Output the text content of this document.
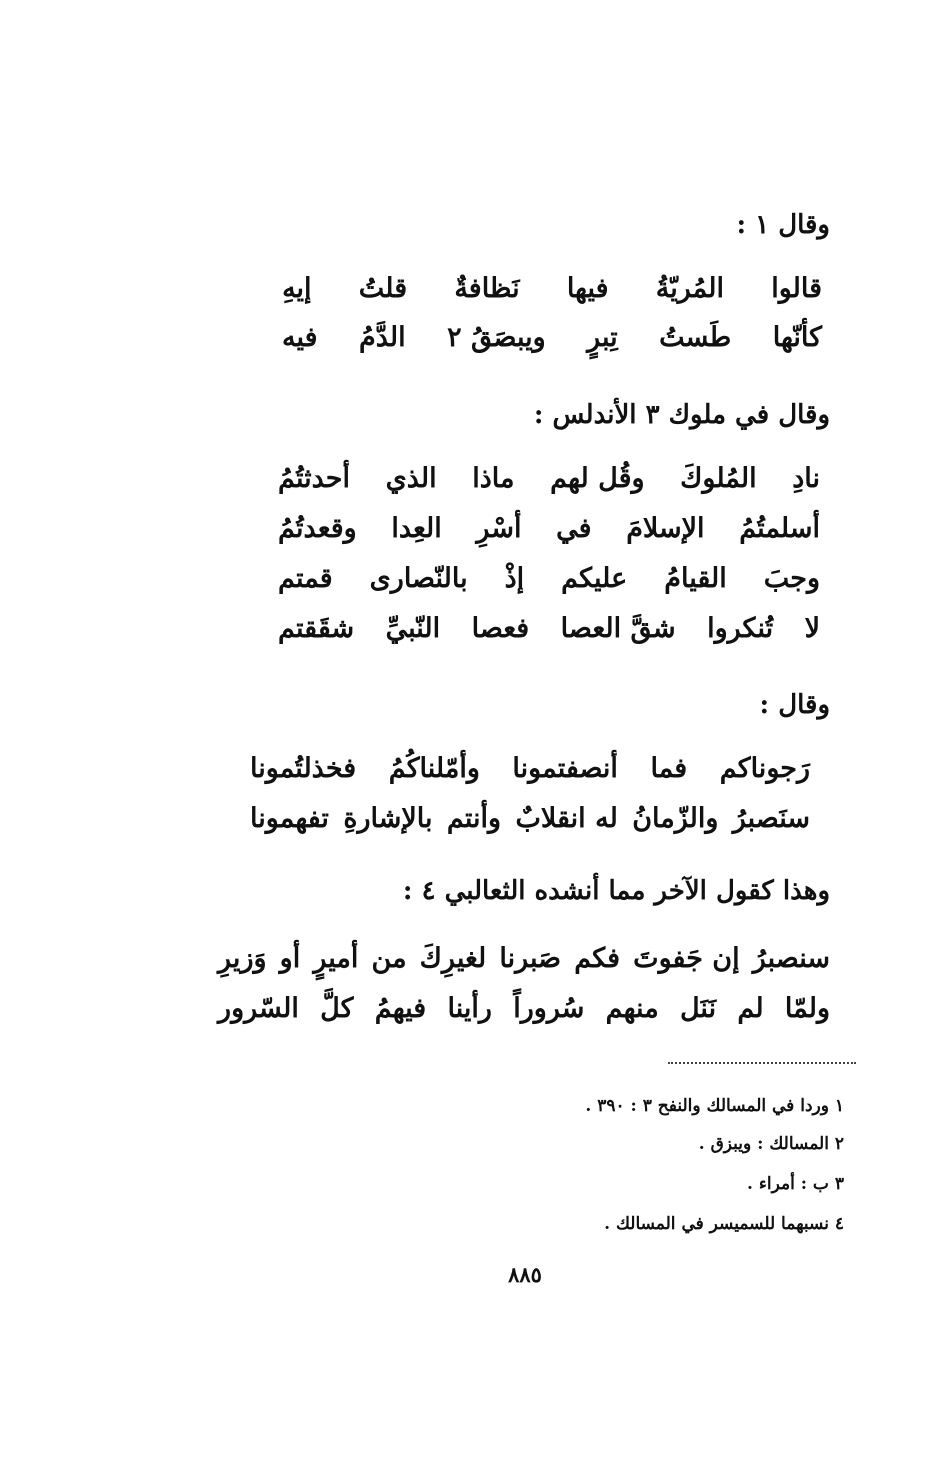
وقال ١ :
قالوا
المُريّةُ
فيها
نَظافةٌ
قلتُ
إيهِ
كأنّها
طَستُ
تِبرٍ
ويبصَقُ ٢
الدَّمُ
فيه
وقال في ملوك ٣ الأندلس :
نادِ
المُلوكَ
وقُل لهم
ماذا
الذي
أحدثتُمُ
أسلمتُمُ
الإسلامَ
في
أسْرِ
العِدا
وقعدتُمُ
وجبَ
القيامُ
عليكم
إذْ
بالنّصارى
قمتم
لا
تُنكروا
شقَّ العصا
فعصا
النّبيِّ
شقَقتم
وقال :
رَجوناكم
فما
أنصفتمونا
وأمّلناكُمُ
فخذلتُمونا
سنَصبرُ
والزّمانُ
له انقلابٌ
وأنتم
بالإشارةِ
تفهمونا
وهذا كقول الآخر مما أنشده الثعالبي ٤ :
سنصبرُ
إن جَفوتَ
فكم
صَبرنا
لغيرِكَ
من
أميرٍ
أو
وَزيرِ
ولمّا
لم
نَنَل
منهم
سُروراً
رأينا
فيهمُ
كلَّ
السّرور
١ وردا في المسالك والنفح ٣ : ٣٩٠ .
٢ المسالك : ويبزق .
٣ ب : أمراء .
٤ نسبهما للسميسر في المسالك .
٨٨٥
